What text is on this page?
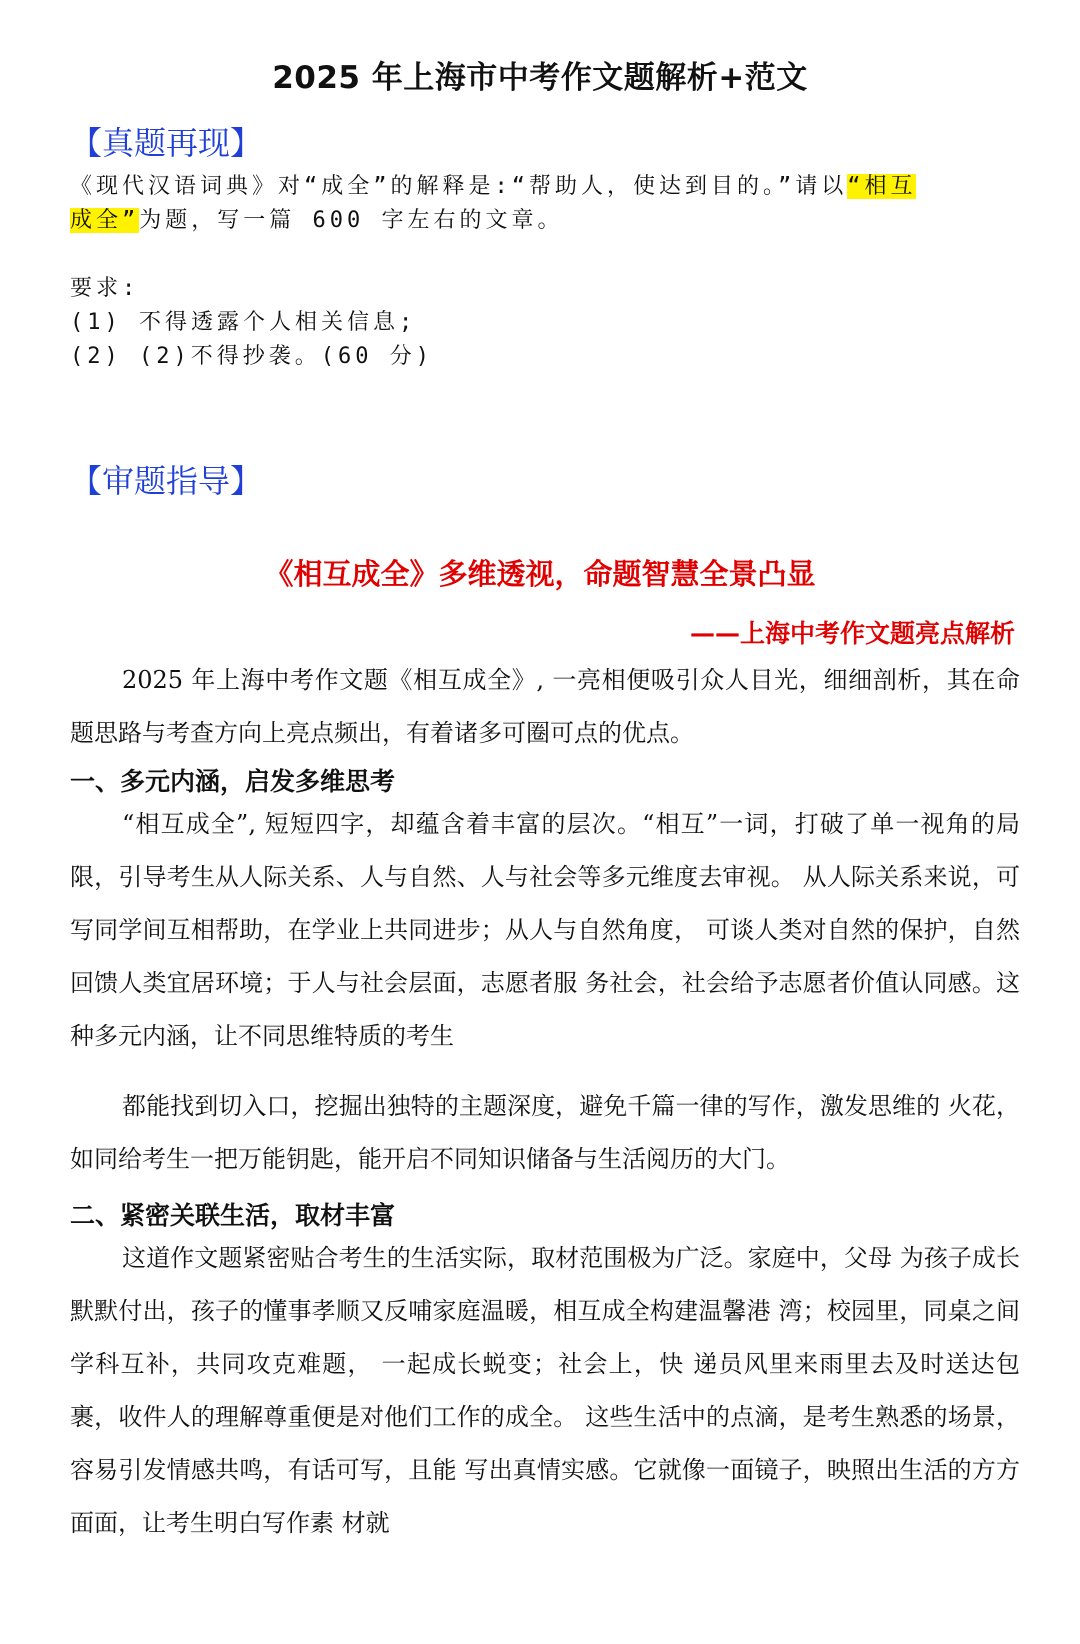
2025 年上海市中考作文题解析+范文
【真题再现】
《现代汉语词典》对“成全”的解释是:“帮助人，使达到目的。”请以“相互
成全”为题，写一篇 600 字左右的文章。
要求:
(1) 不得透露个人相关信息;
(2) (2)不得抄袭。(60 分)
【审题指导】
《相互成全》多维透视，命题智慧全景凸显
——上海中考作文题亮点解析
2025 年上海中考作文题《相互成全》, 一亮相便吸引众人目光，细细剖析，其在命题思路与考查方向上亮点频出，有着诸多可圈可点的优点。
一、多元内涵，启发多维思考
“相互成全”, 短短四字，却蕴含着丰富的层次。“相互”一词，打破了单一视角的局限，引导考生从人际关系、人与自然、人与社会等多元维度去审视。 从人际关系来说，可写同学间互相帮助，在学业上共同进步；从人与自然角度， 可谈人类对自然的保护，自然回馈人类宜居环境；于人与社会层面，志愿者服 务社会，社会给予志愿者价值认同感。这种多元内涵，让不同思维特质的考生
都能找到切入口，挖掘出独特的主题深度，避免千篇一律的写作，激发思维的 火花，如同给考生一把万能钥匙，能开启不同知识储备与生活阅历的大门。
二、紧密关联生活，取材丰富
这道作文题紧密贴合考生的生活实际，取材范围极为广泛。家庭中，父母 为孩子成长默默付出，孩子的懂事孝顺又反哺家庭温暖，相互成全构建温馨港 湾；校园里，同桌之间学科互补，共同攻克难题， 一起成长蜕变；社会上，快 递员风里来雨里去及时送达包裹，收件人的理解尊重便是对他们工作的成全。 这些生活中的点滴，是考生熟悉的场景，容易引发情感共鸣，有话可写，且能 写出真情实感。它就像一面镜子，映照出生活的方方面面，让考生明白写作素 材就
